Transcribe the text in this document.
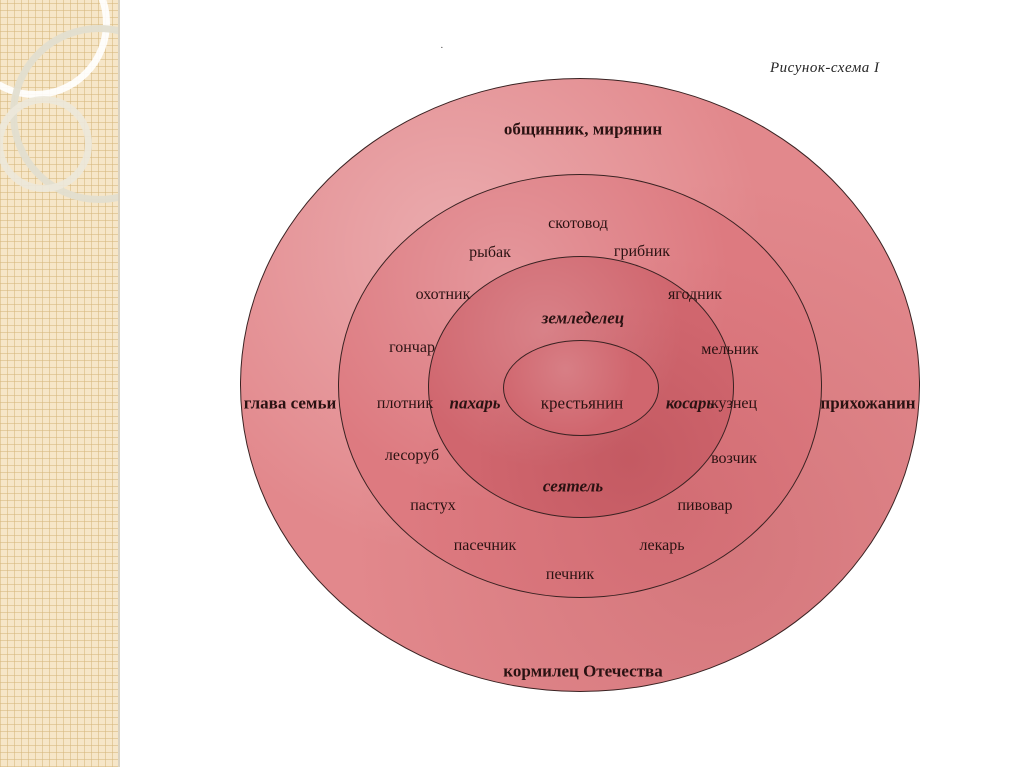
·
Рисунок-схема I
общинник, мирянин
глава семьи	прихожанин
кормилец Отечества
скотовод
рыбак	грибник
охотник	ягодник
гончар	мельник
плотник	кузнец
лесоруб	возчик
пастух	пивовар
пасечник	лекарь
печник
земледелец
сеятель
пахарь	косарь
крестьянин
